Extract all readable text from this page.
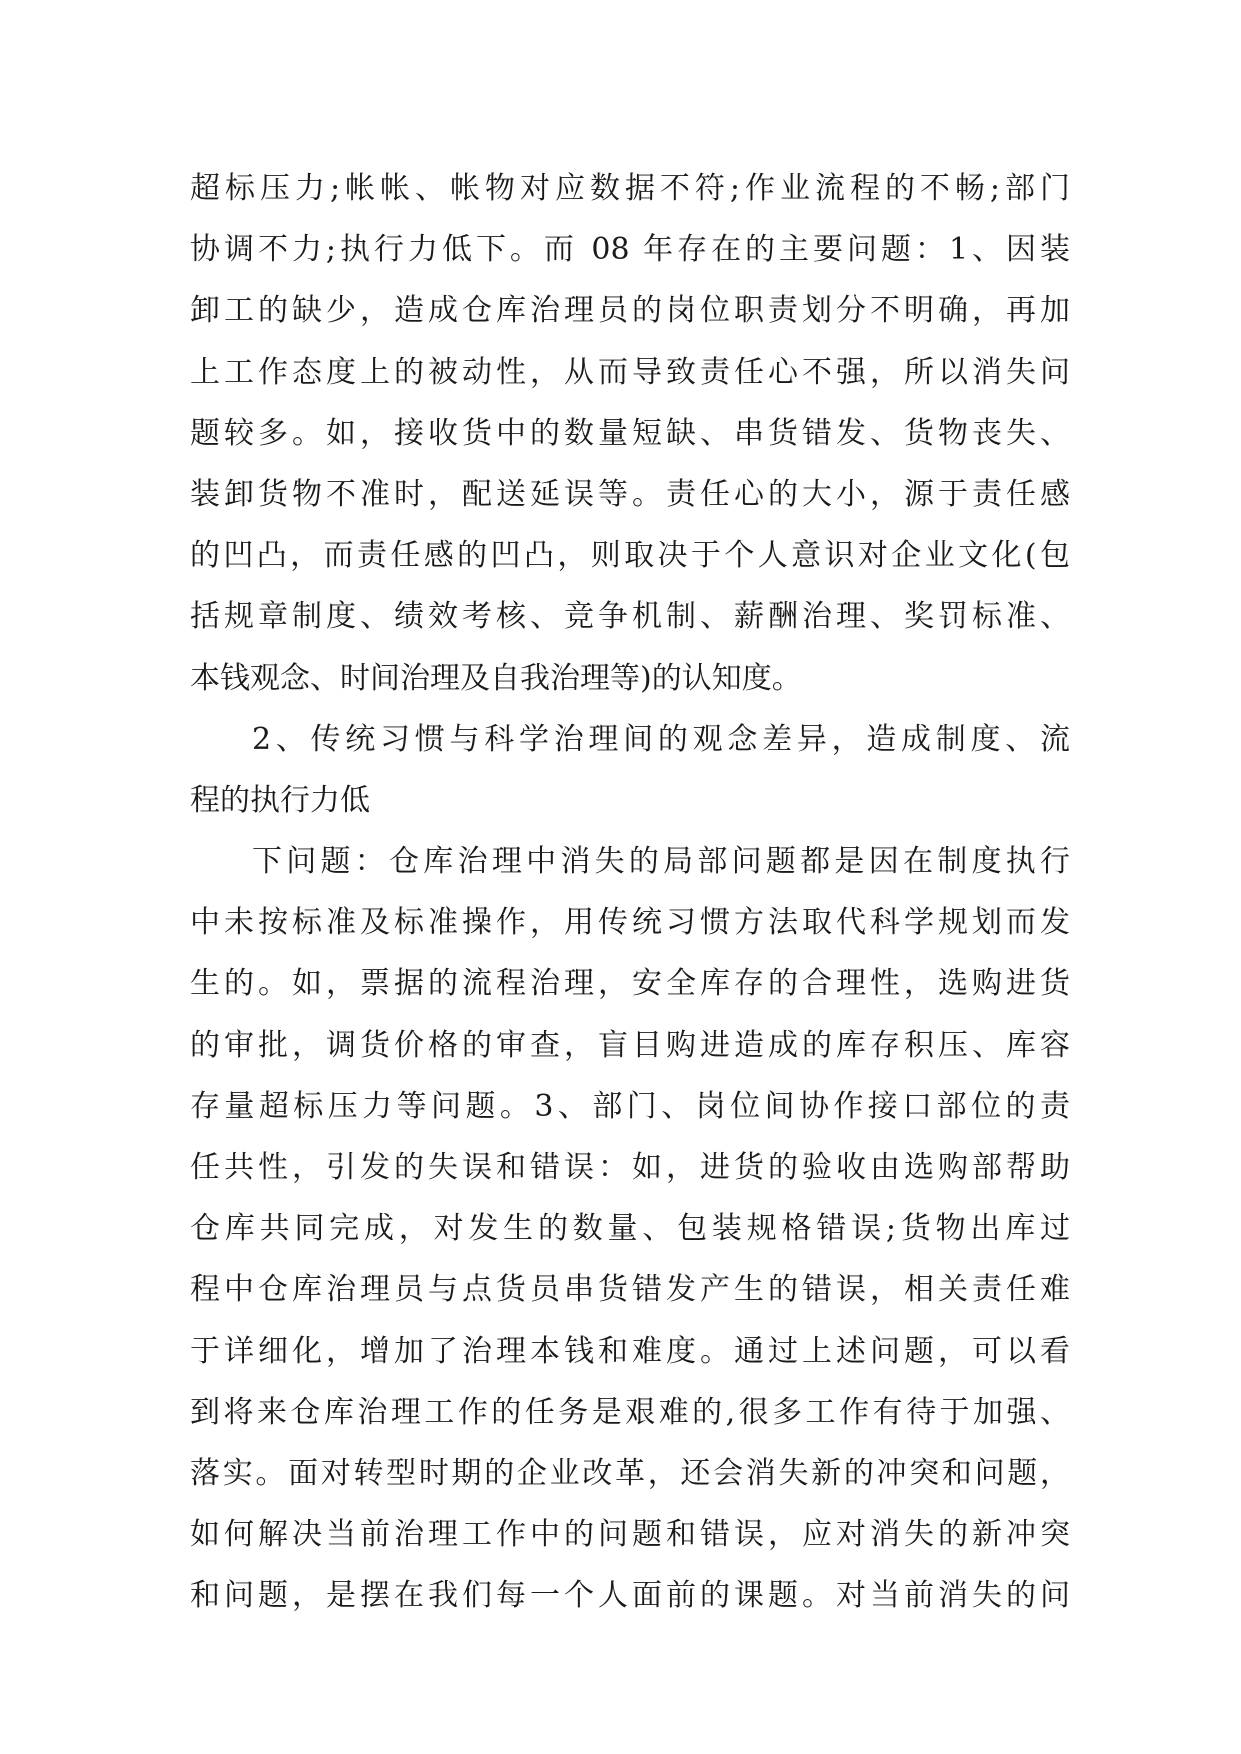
超标压力;帐帐、帐物对应数据不符;作业流程的不畅;部门
协调不力;执行力低下。而 08 年存在的主要问题：1、因装
卸工的缺少，造成仓库治理员的岗位职责划分不明确，再加
上工作态度上的被动性，从而导致责任心不强，所以消失问
题较多。如，接收货中的数量短缺、串货错发、货物丧失、
装卸货物不准时，配送延误等。责任心的大小，源于责任感
的凹凸，而责任感的凹凸，则取决于个人意识对企业文化(包
括规章制度、绩效考核、竞争机制、薪酬治理、奖罚标准、
本钱观念、时间治理及自我治理等)的认知度。
2、传统习惯与科学治理间的观念差异，造成制度、流
程的执行力低
下问题：仓库治理中消失的局部问题都是因在制度执行
中未按标准及标准操作，用传统习惯方法取代科学规划而发
生的。如，票据的流程治理，安全库存的合理性，选购进货
的审批，调货价格的审查，盲目购进造成的库存积压、库容
存量超标压力等问题。3、部门、岗位间协作接口部位的责
任共性，引发的失误和错误：如，进货的验收由选购部帮助
仓库共同完成，对发生的数量、包装规格错误;货物出库过
程中仓库治理员与点货员串货错发产生的错误，相关责任难
于详细化，增加了治理本钱和难度。通过上述问题，可以看
到将来仓库治理工作的任务是艰难的,很多工作有待于加强、
落实。面对转型时期的企业改革，还会消失新的冲突和问题，
如何解决当前治理工作中的问题和错误，应对消失的新冲突
和问题，是摆在我们每一个人面前的课题。对当前消失的问
